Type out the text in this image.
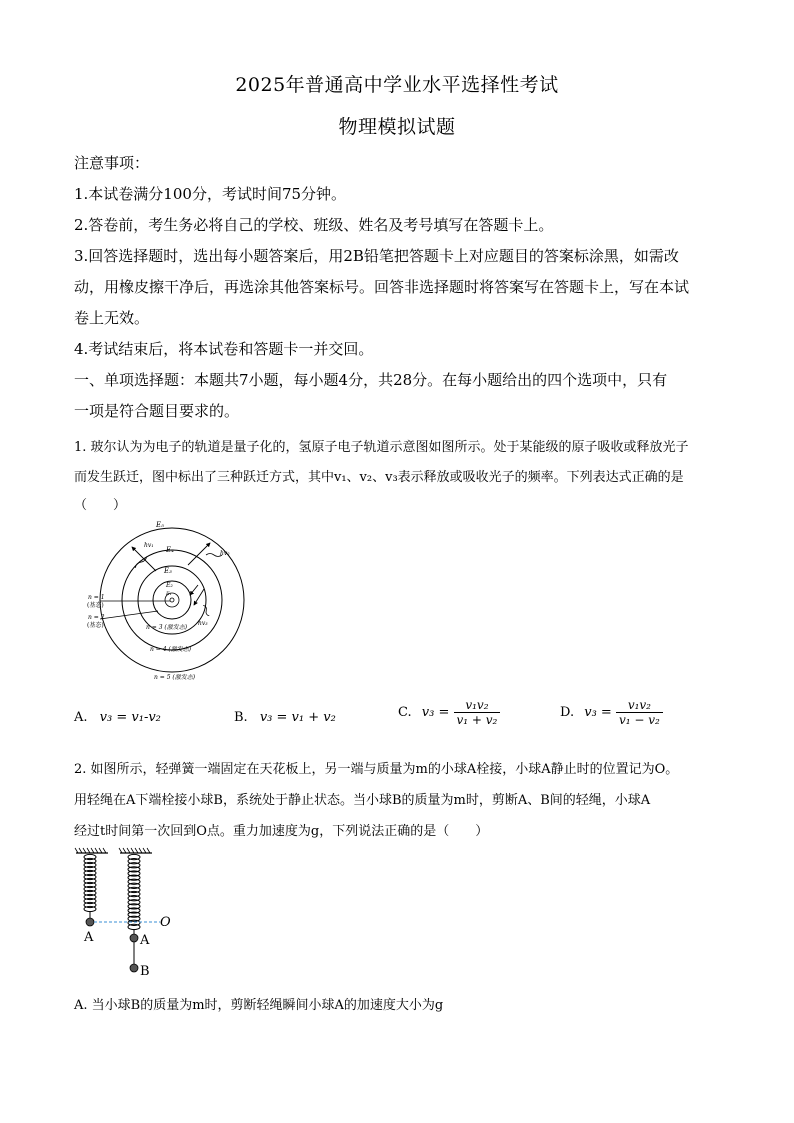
2025年普通高中学业水平选择性考试
物理模拟试题
注意事项：
1.本试卷满分100分，考试时间75分钟。
2.答卷前，考生务必将自己的学校、班级、姓名及考号填写在答题卡上。
3.回答选择题时，选出每小题答案后，用2B铅笔把答题卡上对应题目的答案标涂黑，如需改
动，用橡皮擦干净后，再选涂其他答案标号。回答非选择题时将答案写在答题卡上，写在本试
卷上无效。
4.考试结束后，将本试卷和答题卡一并交回。
一、单项选择题：本题共7小题，每小题4分，共28分。在每小题给出的四个选项中，只有
一项是符合题目要求的。
1. 玻尔认为为电子的轨道是量子化的，氢原子电子轨道示意图如图所示。处于某能级的原子吸收或释放光子
而发生跃迁，图中标出了三种跃迁方式，其中v₁、v₂、v₃表示释放或吸收光子的频率。下列表达式正确的是
（　　）
E₅
E₄
E₃
E₂
E₁
hv₁
hv₂
hv₃
n = 1
(基态)
n = 2
(基态)	n = 3 (激发态)
n = 4 (激发态)
n = 5 (激发态)
A. v₃ = v₁-v₂	B. v₃ = v₁ + v₂	C. $v_3 = \frac{\text{v₁v₂}}{\text{v₁ + v₂}}$	D. $v_3 = \frac{\text{v₁v₂}}{\text{v₁ − v₂}}$
2. 如图所示，轻弹簧一端固定在天花板上，另一端与质量为m的小球A栓接，小球A静止时的位置记为O。
用轻绳在A下端栓接小球B，系统处于静止状态。当小球B的质量为m时，剪断A、B间的轻绳，小球A
经过t时间第一次回到O点。重力加速度为g，下列说法正确的是（　　）
O
A	A
B
A. 当小球B的质量为m时，剪断轻绳瞬间小球A的加速度大小为g
